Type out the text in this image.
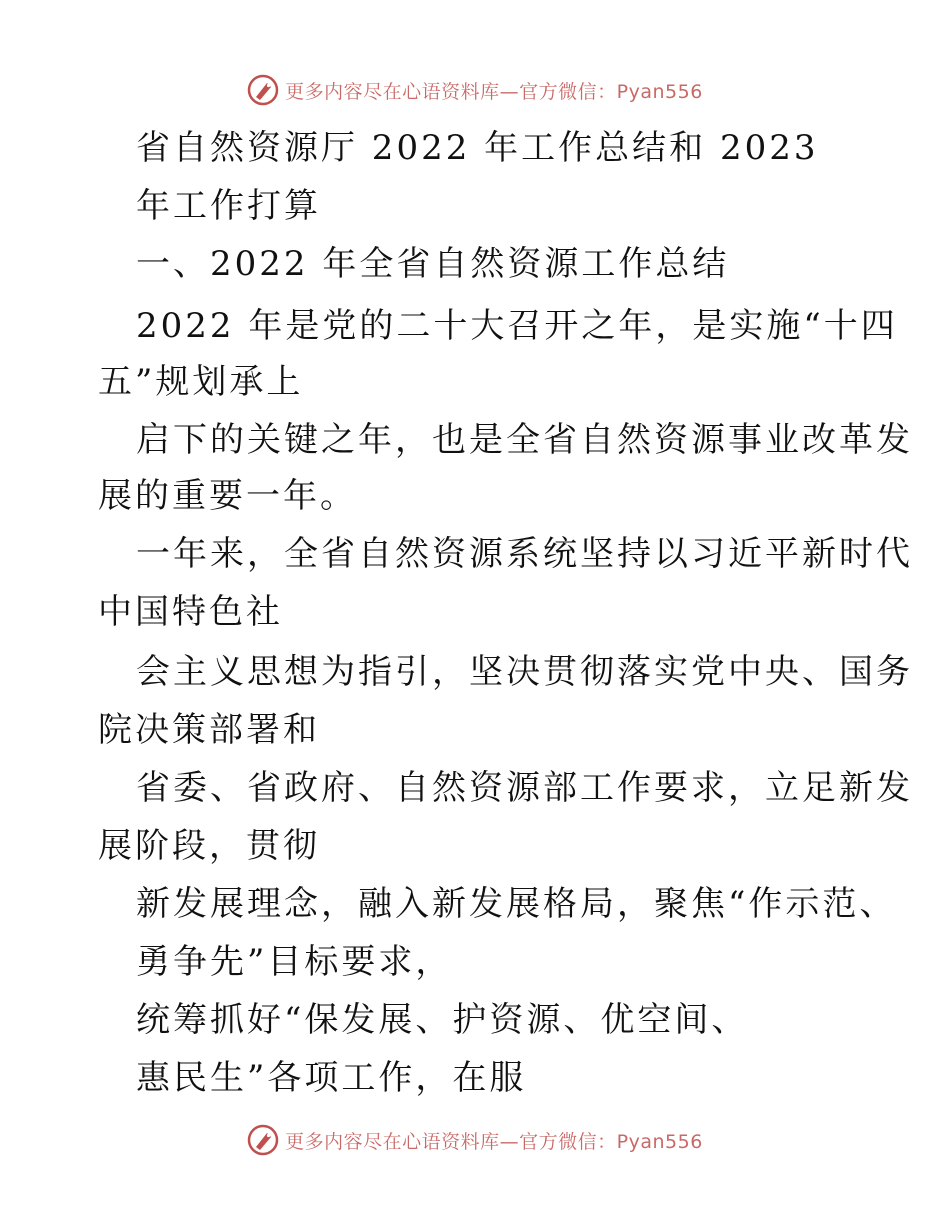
更多内容尽在心语资料库—官方微信：Pyan556
省自然资源厅 2022 年工作总结和 2023
年工作打算
一、2022 年全省自然资源工作总结
2022 年是党的二十大召开之年，是实施“十四
五”规划承上
启下的关键之年，也是全省自然资源事业改革发
展的重要一年。
一年来，全省自然资源系统坚持以习近平新时代
中国特色社
会主义思想为指引，坚决贯彻落实党中央、国务
院决策部署和
省委、省政府、自然资源部工作要求，立足新发
展阶段，贯彻
新发展理念，融入新发展格局，聚焦“作示范、
勇争先”目标要求，
统筹抓好“保发展、护资源、优空间、
惠民生”各项工作，在服
更多内容尽在心语资料库—官方微信：Pyan556
